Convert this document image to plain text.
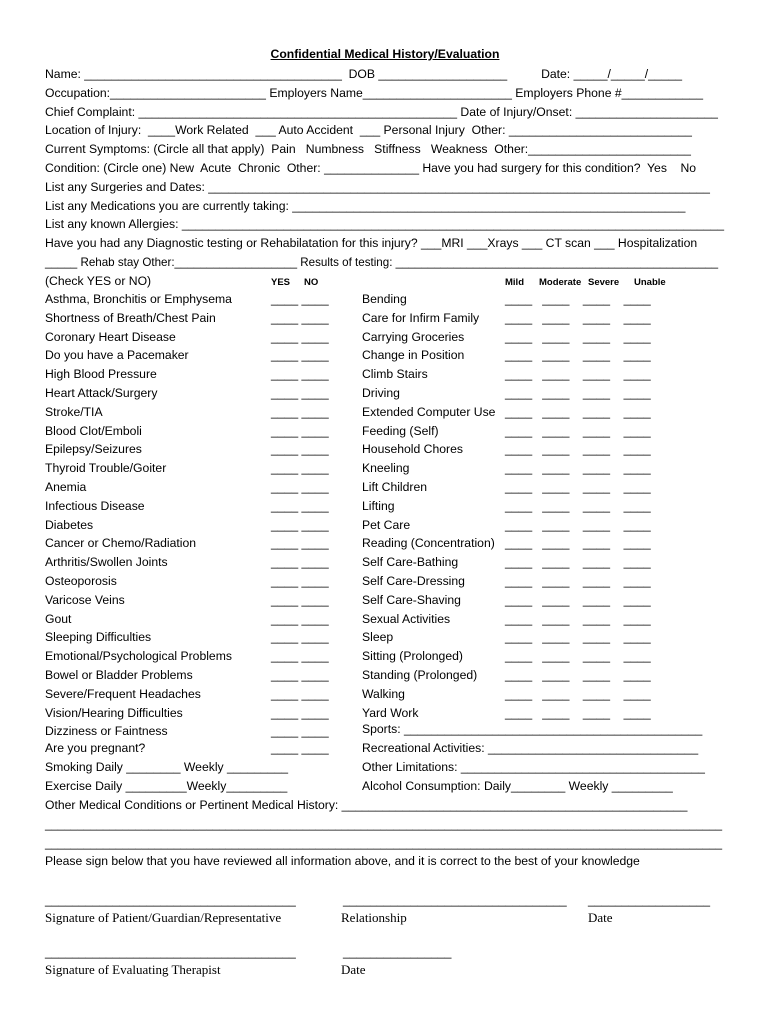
Confidential Medical History/Evaluation
Name: ______________________________________  DOB ___________________          Date: _____/_____/_____
Occupation:_______________________ Employers Name______________________ Employers Phone #____________
Chief Complaint: _______________________________________________ Date of Injury/Onset: _____________________
Location of Injury:  ____Work Related  ___ Auto Accident  ___ Personal Injury  Other: ___________________________
Current Symptoms: (Circle all that apply)  Pain   Numbness   Stiffness   Weakness  Other:________________________
Condition: (Circle one) New  Acute  Chronic  Other: ______________ Have you had surgery for this condition?  Yes    No
List any Surgeries and Dates: __________________________________________________________________________
List any Medications you are currently taking: __________________________________________________________
List any known Allergies: ________________________________________________________________________________
Have you had any Diagnostic testing or Rehabilatation for this injury? ___MRI ___Xrays ___ CT scan ___ Hospitalization
_____ Rehab stay Other:___________________ Results of testing: __________________________________________________
(Check YES or NO)	YES NO	Mild Moderate Severe Unable
Asthma, Bronchitis or Emphysema	____ ____	Bending	____   ____    ____    ____
Shortness of Breath/Chest Pain	____ ____	Care for Infirm Family ____   ____    ____    ____
Coronary Heart Disease	____ ____	Carrying Groceries	____   ____    ____    ____
Do you have a Pacemaker	____ ____	Change in Position	____   ____    ____    ____
High Blood Pressure	____ ____	Climb Stairs	____   ____    ____    ____
Heart Attack/Surgery	____ ____	Driving	____   ____    ____    ____
Stroke/TIA	____ ____	Extended Computer Use ____   ____    ____    ____
Blood Clot/Emboli	____ ____	Feeding (Self)	____   ____    ____    ____
Epilepsy/Seizures	____ ____	Household Chores	____   ____    ____    ____
Thyroid Trouble/Goiter	____ ____	Kneeling	____   ____    ____    ____
Anemia	____ ____	Lift Children	____   ____    ____    ____
Infectious Disease	____ ____	Lifting	____   ____    ____    ____
Diabetes	____ ____	Pet Care	____   ____    ____    ____
Cancer or Chemo/Radiation	____ ____	Reading (Concentration) ____   ____    ____    ____
Arthritis/Swollen Joints	____ ____	Self Care-Bathing	____   ____    ____    ____
Osteoporosis	____ ____	Self Care-Dressing	____   ____    ____    ____
Varicose Veins	____ ____	Self Care-Shaving	____   ____    ____    ____
Gout	____ ____	Sexual Activities	____   ____    ____    ____
Sleeping Difficulties	____ ____	Sleep	____   ____    ____    ____
Emotional/Psychological Problems	____ ____	Sitting (Prolonged)	____   ____    ____    ____
Bowel or Bladder Problems	____ ____	Standing (Prolonged) ____   ____    ____    ____
Severe/Frequent Headaches	____ ____	Walking	____   ____    ____    ____
Vision/Hearing Difficulties	____ ____	Yard Work	____   ____    ____    ____
Dizziness or Faintness	____ ____	Sports: ____________________________________________
Are you pregnant?	____ ____	Recreational Activities: _______________________________
Smoking Daily ________ Weekly _________	Other Limitations: ____________________________________
Exercise Daily _________Weekly_________	Alcohol Consumption: Daily________ Weekly _________
Other Medical Conditions or Pertinent Medical History: ___________________________________________________
_________________________________________________________________________________________________________
_________________________________________________________________________________________________________
Please sign below that you have reviewed all information above, and it is correct to the best of your knowledge
_____________________________________	_________________________________ __________________
Signature of Patient/Guardian/Representative	Relationship	Date
_____________________________________	________________
Signature of Evaluating Therapist	Date
